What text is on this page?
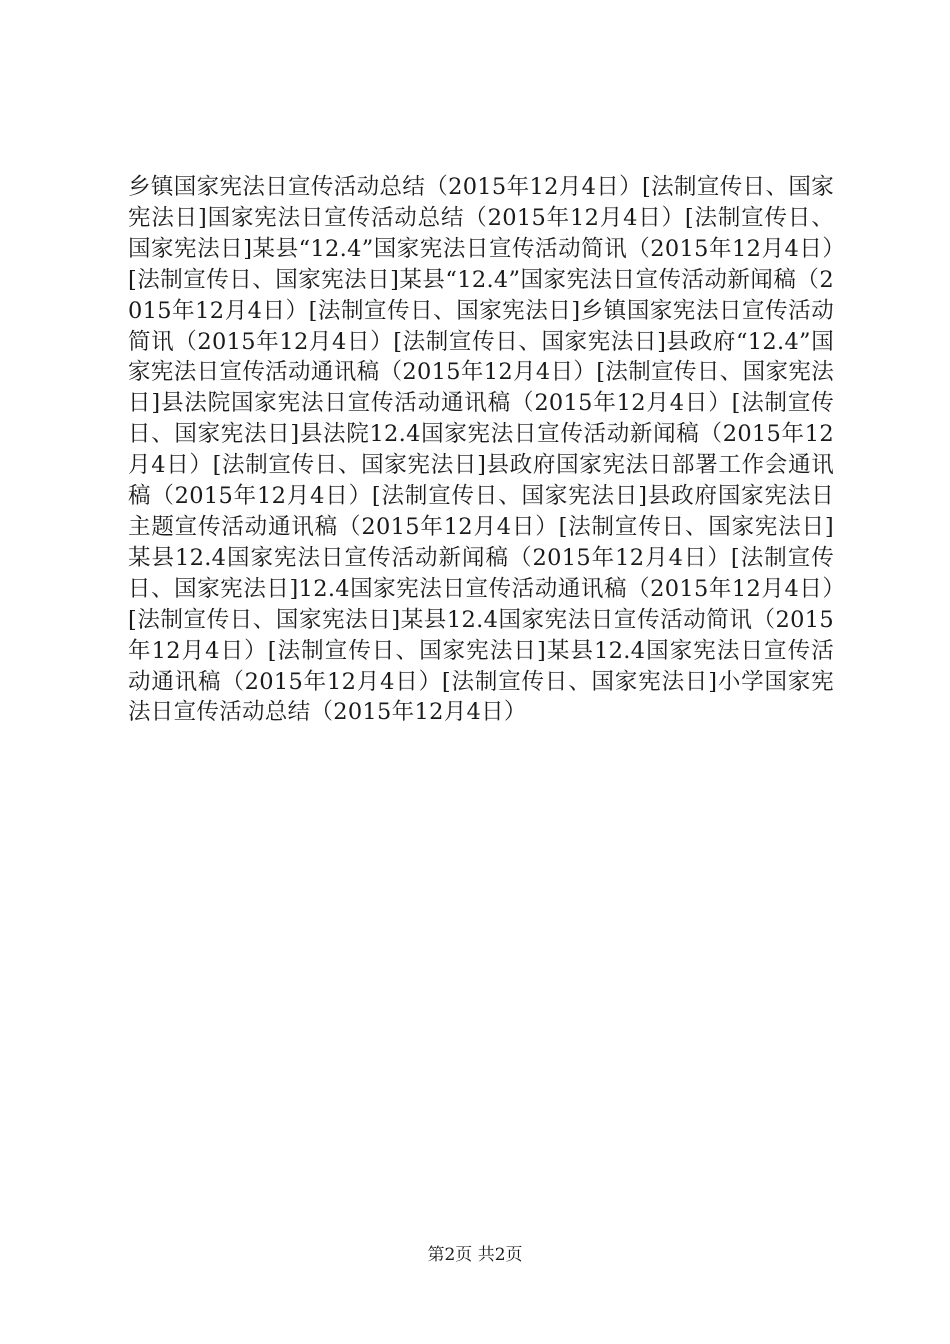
乡镇国家宪法日宣传活动总结（2015年12月4日）[法制宣传日、国家宪法日]国家宪法日宣传活动总结（2015年12月4日）[法制宣传日、国家宪法日]某县“12.4”国家宪法日宣传活动简讯（2015年12月4日）[法制宣传日、国家宪法日]某县“12.4”国家宪法日宣传活动新闻稿（2015年12月4日）[法制宣传日、国家宪法日]乡镇国家宪法日宣传活动简讯（2015年12月4日）[法制宣传日、国家宪法日]县政府“12.4”国家宪法日宣传活动通讯稿（2015年12月4日）[法制宣传日、国家宪法日]县法院国家宪法日宣传活动通讯稿（2015年12月4日）[法制宣传日、国家宪法日]县法院12.4国家宪法日宣传活动新闻稿（2015年12月4日）[法制宣传日、国家宪法日]县政府国家宪法日部署工作会通讯稿（2015年12月4日）[法制宣传日、国家宪法日]县政府国家宪法日主题宣传活动通讯稿（2015年12月4日）[法制宣传日、国家宪法日]某县12.4国家宪法日宣传活动新闻稿（2015年12月4日）[法制宣传日、国家宪法日]12.4国家宪法日宣传活动通讯稿（2015年12月4日）[法制宣传日、国家宪法日]某县12.4国家宪法日宣传活动简讯（2015年12月4日）[法制宣传日、国家宪法日]某县12.4国家宪法日宣传活动通讯稿（2015年12月4日）[法制宣传日、国家宪法日]小学国家宪法日宣传活动总结（2015年12月4日）

第2页 共2页
